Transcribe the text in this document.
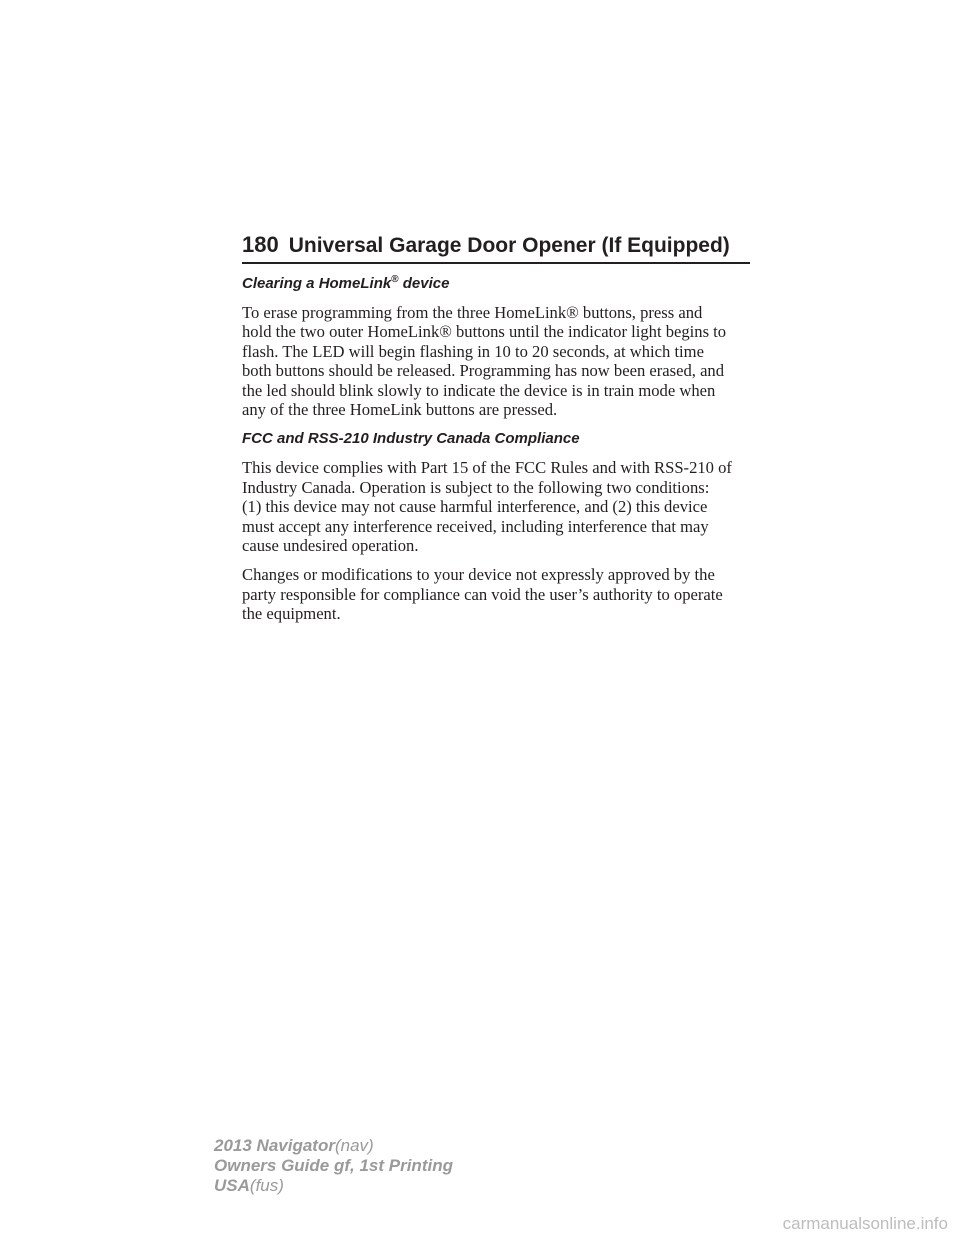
180 Universal Garage Door Opener (If Equipped)

Clearing a HomeLink® device

To erase programming from the three HomeLink® buttons, press and
hold the two outer HomeLink® buttons until the indicator light begins to
flash. The LED will begin flashing in 10 to 20 seconds, at which time
both buttons should be released. Programming has now been erased, and
the led should blink slowly to indicate the device is in train mode when
any of the three HomeLink buttons are pressed.

FCC and RSS-210 Industry Canada Compliance

This device complies with Part 15 of the FCC Rules and with RSS-210 of
Industry Canada. Operation is subject to the following two conditions:
(1) this device may not cause harmful interference, and (2) this device
must accept any interference received, including interference that may
cause undesired operation.

Changes or modifications to your device not expressly approved by the
party responsible for compliance can void the user’s authority to operate
the equipment.

2013 Navigator(nav)
Owners Guide gf, 1st Printing
USA(fus)
carmanualsonline.info
